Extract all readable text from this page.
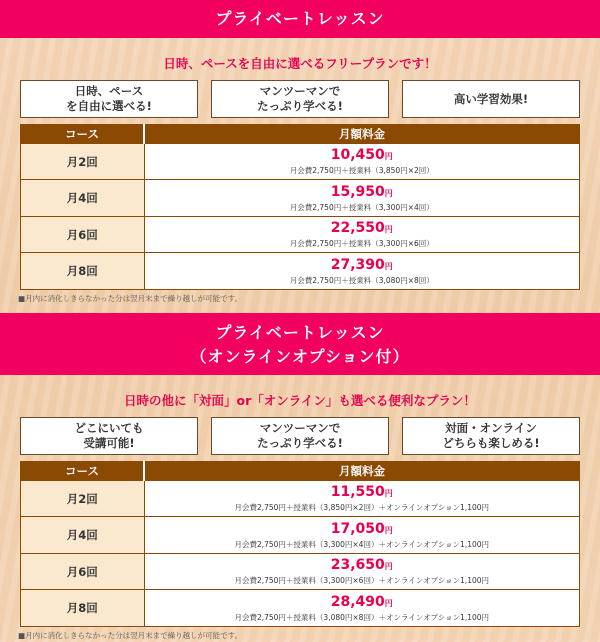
プライベートレッスン

日時、ペースを自由に選べるフリープランです！

日時、ペース
を自由に選べる!
マンツーマンで
たっぷり学べる!
高い学習効果!
コース	月額料金
月2回	10,450円
月会費2,750円＋授業料（3,850円×2回）

月4回	15,950円
月会費2,750円＋授業料（3,300円×4回）

月6回	22,550円
月会費2,750円＋授業料（3,300円×6回）

月8回	27,390円
月会費2,750円＋授業料（3,080円×8回）
■月内に消化しきらなかった分は翌月末まで繰り越しが可能です。
プライベートレッスン
（オンラインオプション付）

日時の他に「対面」or「オンライン」も選べる便利なプラン！

どこにいても
受講可能!
マンツーマンで
たっぷり学べる!
対面・オンライン
どちらも楽しめる!
コース	月額料金
月2回	11,550円
月会費2,750円＋授業料（3,850円×2回）＋オンラインオプション1,100円

月4回	17,050円
月会費2,750円＋授業料（3,300円×4回）＋オンラインオプション1,100円

月6回	23,650円
月会費2,750円＋授業料（3,300円×6回）＋オンラインオプション1,100円

月8回	28,490円
月会費2,750円＋授業料（3,080円×8回）＋オンラインオプション1,100円
■月内に消化しきらなかった分は翌月末まで繰り越しが可能です。
